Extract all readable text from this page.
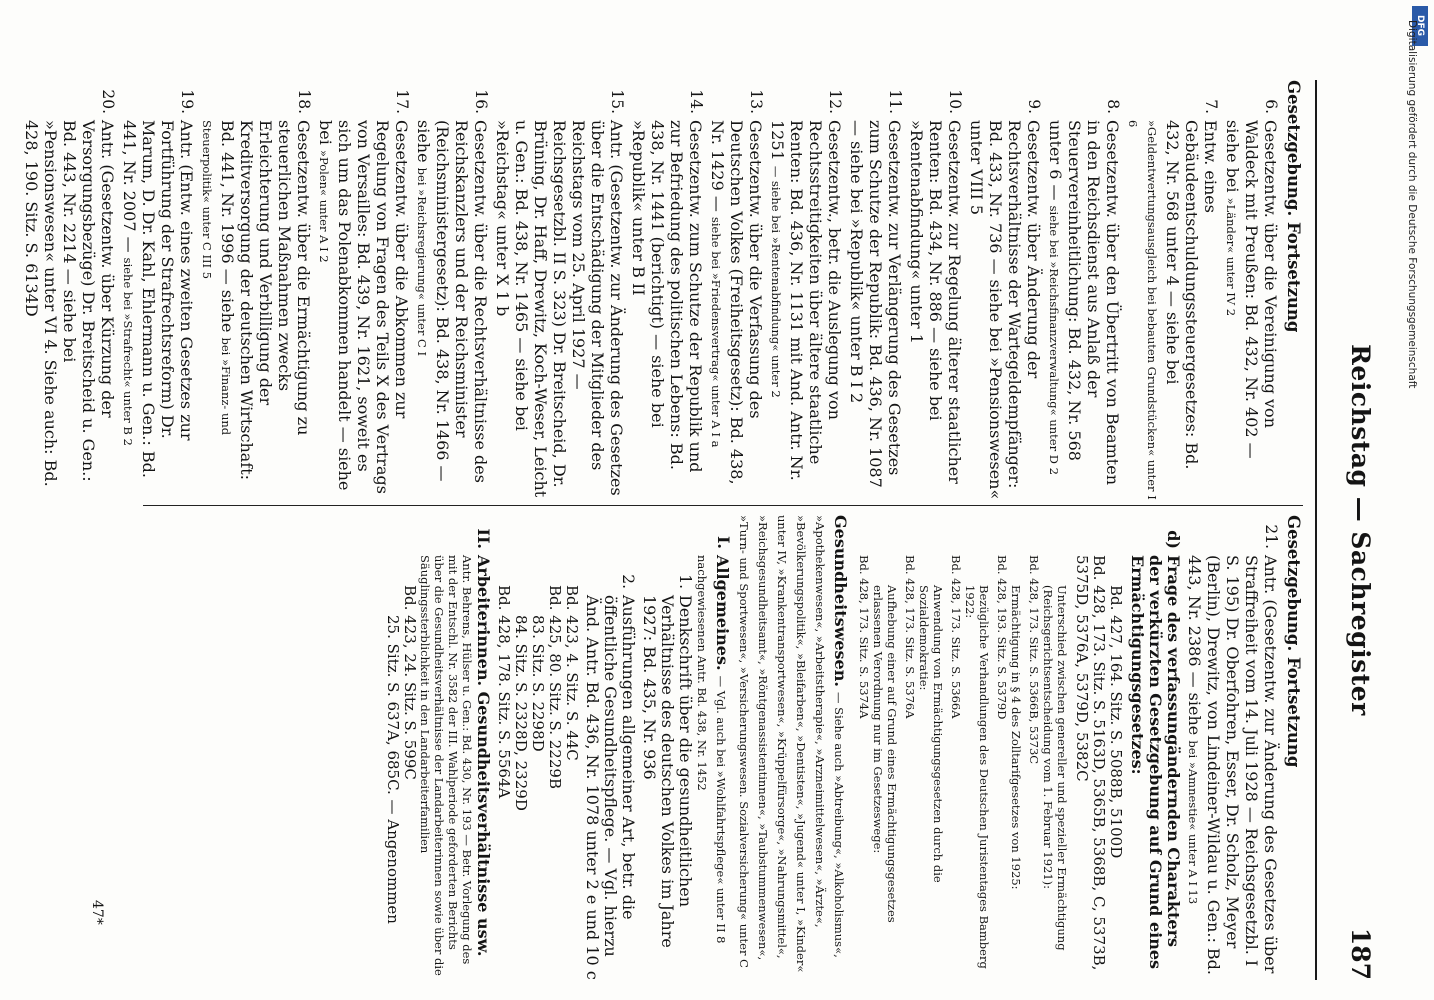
DFG
Digitalisierung gefördert durch die Deutsche Forschungsgemeinschaft
Reichstag — Sachregister
187
Gesetzgebung. Fortsetzung
6.
Gesetzentw. über die Vereinigung von Waldeck mit Preußen: Bd. 432, Nr. 402 — siehe bei »Länder« unter IV 2
7.
Entw. eines Gebäudeentschuldungssteuergesetzes: Bd. 432, Nr. 568 unter 4 — siehe bei »Geldentwertungsausgleich bei bebauten Grundstücken« unter I 6
8.
Gesetzentw. über den Übertritt von Beamten in den Reichsdienst aus Anlaß der Steuervereinheitlichung: Bd. 432, Nr. 568 unter 6 — siehe bei »Reichsfinanzverwaltung« unter D 2
9.
Gesetzentw. über Änderung der Rechtsverhältnisse der Wartegeldempfänger: Bd. 433, Nr. 736 — siehe bei »Pensionswesen« unter VIII 5
10.
Gesetzentw. zur Regelung älterer staatlicher Renten: Bd. 434, Nr. 886 — siehe bei »Rentenabfindung« unter 1
11.
Gesetzentw. zur Verlängerung des Gesetzes zum Schutze der Republik: Bd. 436, Nr. 1087 — siehe bei »Republik« unter B I 2
12.
Gesetzentw., betr. die Auslegung von Rechtsstreitigkeiten über ältere staatliche Renten: Bd. 436, Nr. 1131 mit And. Antr. Nr. 1251 — siehe bei »Rentenabfindung« unter 2
13.
Gesetzentw. über die Verfassung des Deutschen Volkes (Freiheitsgesetz): Bd. 438, Nr. 1429 — siehe bei »Friedensvertrag« unter A I a
14.
Gesetzentw. zum Schutze der Republik und zur Befriedung des politischen Lebens: Bd. 438, Nr. 1441 (berichtigt) — siehe bei »Republik« unter B II
15.
Antr. (Gesetzentw. zur Änderung des Gesetzes über die Entschädigung der Mitglieder des Reichstags vom 25. April 1927 — Reichsgesetzbl. II S. 323) Dr. Breitscheid, Dr. Brüning, Dr. Haff, Drewitz, Koch-Weser, Leicht u. Gen.: Bd. 438, Nr. 1465 — siehe bei »Reichstag« unter X 1 b
16.
Gesetzentw. über die Rechtsverhältnisse des Reichskanzlers und der Reichsminister (Reichsministergesetz): Bd. 438, Nr. 1466 — siehe bei »Reichsregierung« unter C I
17.
Gesetzentw. über die Abkommen zur Regelung von Fragen des Teils X des Vertrags von Versailles: Bd. 439, Nr. 1621, soweit es sich um das Polenabkommen handelt — siehe bei »Polen« unter A I 2
18.
Gesetzentw. über die Ermächtigung zu steuerlichen Maßnahmen zwecks Erleichterung und Verbilligung der Kreditversorgung der deutschen Wirtschaft: Bd. 441, Nr. 1996 — siehe bei »Finanz- und Steuerpolitik« unter C III 5
19.
Antr. (Entw. eines zweiten Gesetzes zur Fortführung der Strafrechtsreform) Dr. Marum, D. Dr. Kahl, Ehlermann u. Gen.: Bd. 441, Nr. 2007 — siehe bei »Strafrecht« unter B 2
20.
Antr. (Gesetzentw. über Kürzung der Versorgungsbezüge) Dr. Breitscheid u. Gen.: Bd. 443, Nr. 2214 — siehe bei »Pensionswesen« unter VI 4. Siehe auch: Bd. 428, 190. Sitz. S. 6134D
Gesetzgebung. Fortsetzung
21.
Antr. (Gesetzentw. zur Änderung des Gesetzes über Straffreiheit vom 14. Juli 1928 — Reichsgesetzbl. I S. 195) Dr. Oberfohren, Esser, Dr. Scholz, Meyer (Berlin), Drewitz, von Lindeiner-Wildau u. Gen.: Bd. 443, Nr. 2386 — siehe bei »Amnestie« unter A I 13
d)
Frage des verfassungändernden Charakters der verkürzten Gesetzgebung auf Grund eines Ermächtigungsgesetzes:
Bd. 427, 164. Sitz. S. 5088B, 5100D
Bd. 428, 173. Sitz. S. 5163D, 5365B, 5368B, C, 5373B, 5375D, 5376A, 5379D, 5382C
Unterschied zwischen genereller und spezieller Ermächtigung (Reichsgerichtsentscheidung vom 1. Februar 1921):
Bd. 428, 173. Sitz. S. 5366B, 5373C
Ermächtigung in § 4 des Zolltarifgesetzes von 1925:
Bd. 428, 193. Sitz. S. 5379D
Bezügliche Verhandlungen des Deutschen Juristentages Bamberg 1922:
Bd. 428, 173. Sitz. S. 5366A
Anwendung von Ermächtigungsgesetzen durch die Sozialdemokratie:
Bd. 428, 173. Sitz. S. 5376A
Aufhebung einer auf Grund eines Ermächtigungsgesetzes erlassenen Verordnung nur im Gesetzeswege:
Bd. 428, 173. Sitz. S. 5374A
Gesundheitswesen. — Siehe auch »Abtreibung«, »Alkoholismus«, »Apothekenwesen«, »Arbeitstherapie«, »Arzneimittelwesen«, »Ärzte«, »Bevölkerungspolitik«, »Bleifarben«, »Dentisten«, »Jugend« unter I, »Kinder« unter IV, »Krankentransportwesen«, »Krüppelfürsorge«, »Nahrungsmittel«, »Reichsgesundheitsamt«, »Röntgenassistentinnen«, »Taubstummenwesen«, »Turn- und Sportwesen«, »Versicherungswesen. Sozialversicherung« unter C
I.
Allgemeines. — Vgl. auch bei »Wohlfahrtspflege« unter II 8 nachgewiesenen Antr. Bd. 438, Nr. 1452
1.
Denkschrift über die gesundheitlichen Verhältnisse des deutschen Volkes im Jahre 1927: Bd. 435, Nr. 936
2.
Ausführungen allgemeiner Art, betr. die öffentliche Gesundheitspflege. — Vgl. hierzu Änd. Antr. Bd. 436, Nr. 1078 unter 2 e und 10 c
Bd. 423, 4. Sitz. S. 44C
Bd. 425, 80. Sitz. S. 2229B
83. Sitz. S. 2298D
84. Sitz. S. 2328D, 2329D
Bd. 428, 178. Sitz. S. 5564A
II.
Arbeiterinnen. Gesundheitsverhältnisse usw.
Antr. Behrens, Hülser u. Gen.: Bd. 430, Nr. 193 — Betr. Vorlegung des mit der Entschl. Nr. 3582 der III. Wahlperiode geforderten Berichts über die Gesundheitsverhältnisse der Landarbeiterinnen sowie über die Säuglingssterblichkeit in den Landarbeiterfamilien
Bd. 423, 24. Sitz. S. 599C
25. Sitz. S. 637A, 685C. — Angenommen
47*
